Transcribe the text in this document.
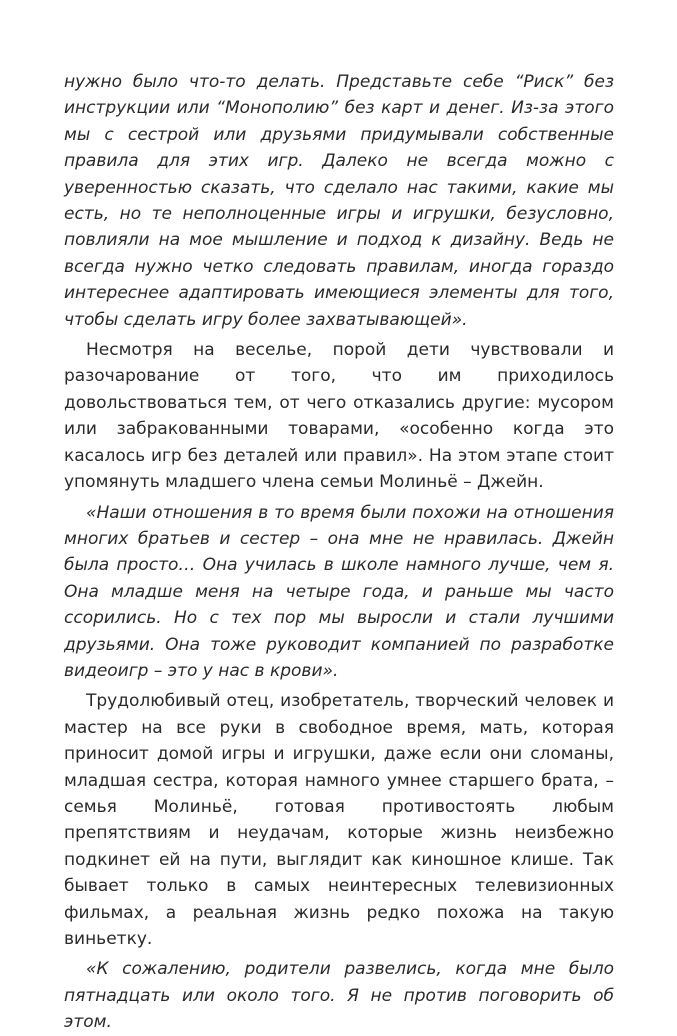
нужно было что-то делать. Представьте себе “Риск” без инструкции или “Монополию” без карт и денег. Из-за этого мы с сестрой или друзьями придумывали собственные правила для этих игр. Далеко не всегда можно с уверенностью сказать, что сделало нас такими, какие мы есть, но те неполноценные игры и игрушки, безусловно, повлияли на мое мышление и подход к дизайну. Ведь не всегда нужно четко следовать правилам, иногда гораздо интереснее адаптировать имеющиеся элементы для того, чтобы сделать игру более захватывающей».

Несмотря на веселье, порой дети чувствовали и разочарование от того, что им приходилось довольствоваться тем, от чего отказались другие: мусором или забракованными товарами, «особенно когда это касалось игр без деталей или правил». На этом этапе стоит упомянуть младшего члена семьи Молиньё – Джейн.

«Наши отношения в то время были похожи на отношения многих братьев и сестер – она мне не нравилась. Джейн была просто… Она училась в школе намного лучше, чем я. Она младше меня на четыре года, и раньше мы часто ссорились. Но с тех пор мы выросли и стали лучшими друзьями. Она тоже руководит компанией по разработке видеоигр – это у нас в крови».

Трудолюбивый отец, изобретатель, творческий человек и мастер на все руки в свободное время, мать, которая приносит домой игры и игрушки, даже если они сломаны, младшая сестра, которая намного умнее старшего брата, – семья Молиньё, готовая противостоять любым препятствиям и неудачам, которые жизнь неизбежно подкинет ей на пути, выглядит как киношное клише. Так бывает только в самых неинтересных телевизионных фильмах, а реальная жизнь редко похожа на такую виньетку.

«К сожалению, родители развелись, когда мне было пятнадцать или около того. Я не против поговорить об этом.
